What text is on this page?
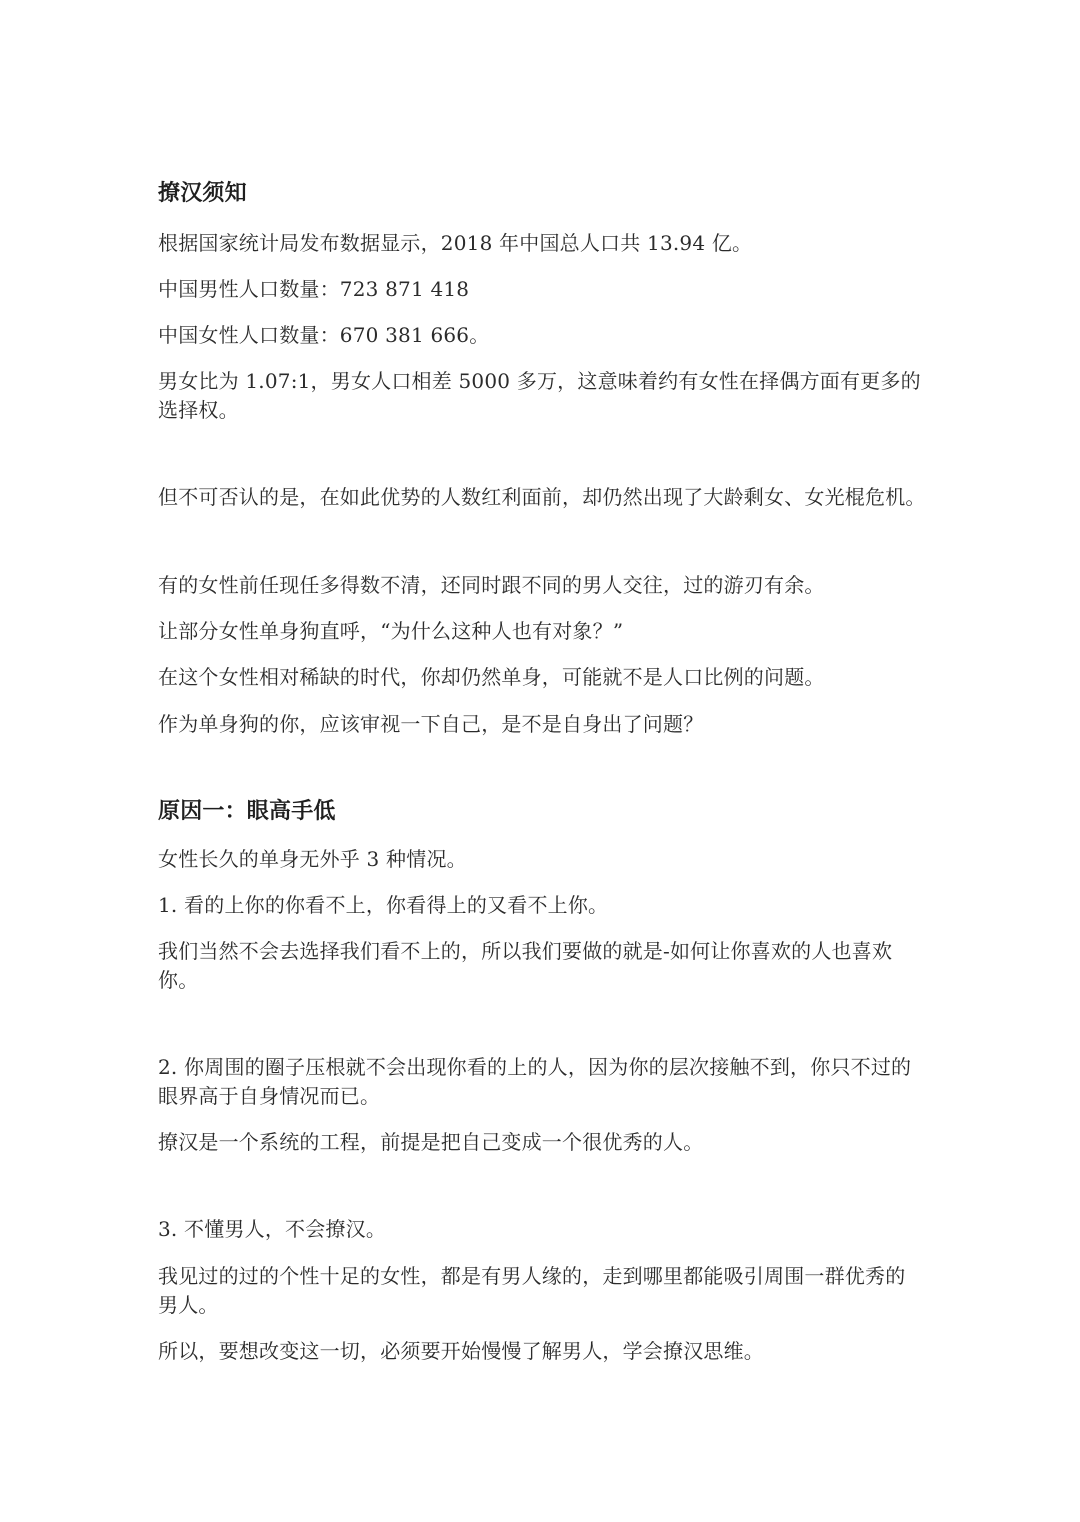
撩汉须知

根据国家统计局发布数据显示，2018 年中国总人口共 13.94 亿。

中国男性人口数量：723 871 418

中国女性人口数量：670 381 666。

男女比为 1.07:1，男女人口相差 5000 多万，这意味着约有女性在择偶方面有更多的

选择权。

但不可否认的是，在如此优势的人数红利面前，却仍然出现了大龄剩女、女光棍危机。

有的女性前任现任多得数不清，还同时跟不同的男人交往，过的游刃有余。

让部分女性单身狗直呼，“为什么这种人也有对象？”

在这个女性相对稀缺的时代，你却仍然单身，可能就不是人口比例的问题。

作为单身狗的你，应该审视一下自己，是不是自身出了问题？

原因一：眼高手低

女性长久的单身无外乎 3 种情况。

1. 看的上你的你看不上，你看得上的又看不上你。

我们当然不会去选择我们看不上的，所以我们要做的就是-如何让你喜欢的人也喜欢

你。

2. 你周围的圈子压根就不会出现你看的上的人，因为你的层次接触不到，你只不过的

眼界高于自身情况而已。

撩汉是一个系统的工程，前提是把自己变成一个很优秀的人。

3. 不懂男人，不会撩汉。

我见过的过的个性十足的女性，都是有男人缘的，走到哪里都能吸引周围一群优秀的

男人。

所以，要想改变这一切，必须要开始慢慢了解男人，学会撩汉思维。
